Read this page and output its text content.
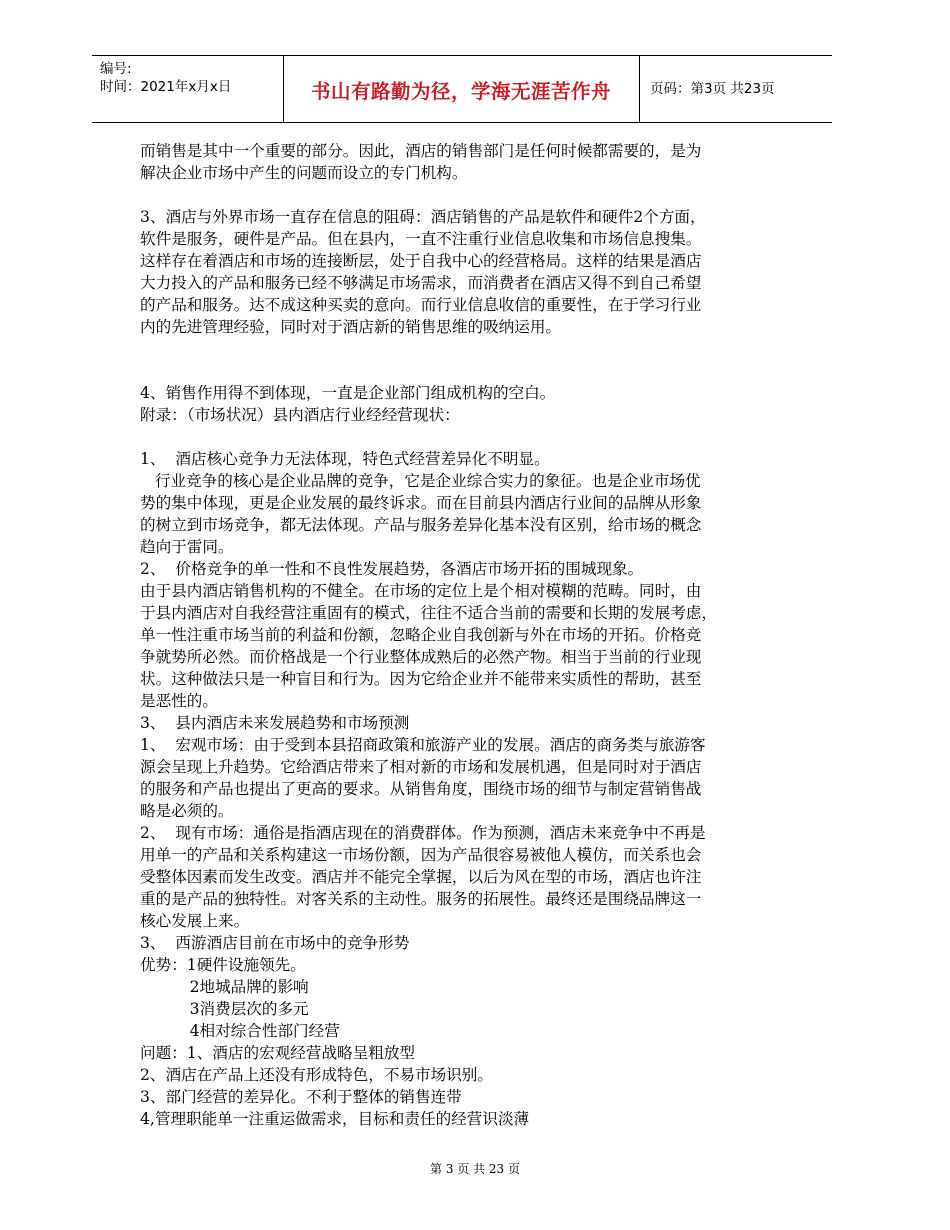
编号:
时间：2021年x月x日	书山有路勤为径，学海无涯苦作舟	页码：第3页 共23页
而销售是其中一个重要的部分。因此，酒店的销售部门是任何时候都需要的，是为
解决企业市场中产生的问题而设立的专门机构。
3、酒店与外界市场一直存在信息的阻碍：酒店销售的产品是软件和硬件2个方面，
软件是服务，硬件是产品。但在县内，一直不注重行业信息收集和市场信息搜集。
这样存在着酒店和市场的连接断层，处于自我中心的经营格局。这样的结果是酒店
大力投入的产品和服务已经不够满足市场需求，而消费者在酒店又得不到自己希望
的产品和服务。达不成这种买卖的意向。而行业信息收信的重要性，在于学习行业
内的先进管理经验，同时对于酒店新的销售思维的吸纳运用。
4、销售作用得不到体现，一直是企业部门组成机构的空白。
附录：（市场状况）县内酒店行业经经营现状：
1、  酒店核心竞争力无法体现，特色式经营差异化不明显。
行业竞争的核心是企业品牌的竞争，它是企业综合实力的象征。也是企业市场优
势的集中体现，更是企业发展的最终诉求。而在目前县内酒店行业间的品牌从形象
的树立到市场竞争，都无法体现。产品与服务差异化基本没有区别，给市场的概念
趋向于雷同。
2、  价格竞争的单一性和不良性发展趋势，各酒店市场开拓的围城现象。
由于县内酒店销售机构的不健全。在市场的定位上是个相对模糊的范畴。同时，由
于县内酒店对自我经营注重固有的模式，往往不适合当前的需要和长期的发展考虑，
单一性注重市场当前的利益和份额，忽略企业自我创新与外在市场的开拓。价格竞
争就势所必然。而价格战是一个行业整体成熟后的必然产物。相当于当前的行业现
状。这种做法只是一种盲目和行为。因为它给企业并不能带来实质性的帮助，甚至
是恶性的。
3、  县内酒店未来发展趋势和市场预测
1、  宏观市场：由于受到本县招商政策和旅游产业的发展。酒店的商务类与旅游客
源会呈现上升趋势。它给酒店带来了相对新的市场和发展机遇，但是同时对于酒店
的服务和产品也提出了更高的要求。从销售角度，围绕市场的细节与制定营销售战
略是必须的。
2、  现有市场：通俗是指酒店现在的消费群体。作为预测，酒店未来竞争中不再是
用单一的产品和关系构建这一市场份额，因为产品很容易被他人模仿，而关系也会
受整体因素而发生改变。酒店并不能完全掌握，以后为风在型的市场，酒店也许注
重的是产品的独特性。对客关系的主动性。服务的拓展性。最终还是围绕品牌这一
核心发展上来。
3、  西游酒店目前在市场中的竞争形势
优势：1硬件设施领先。
2地城品牌的影响
3消费层次的多元
4相对综合性部门经营
问题：1、酒店的宏观经营战略呈粗放型
2、酒店在产品上还没有形成特色，不易市场识别。
3、部门经营的差异化。不利于整体的销售连带
4,管理职能单一注重运做需求，目标和责任的经营识淡薄
第 3 页 共 23 页
